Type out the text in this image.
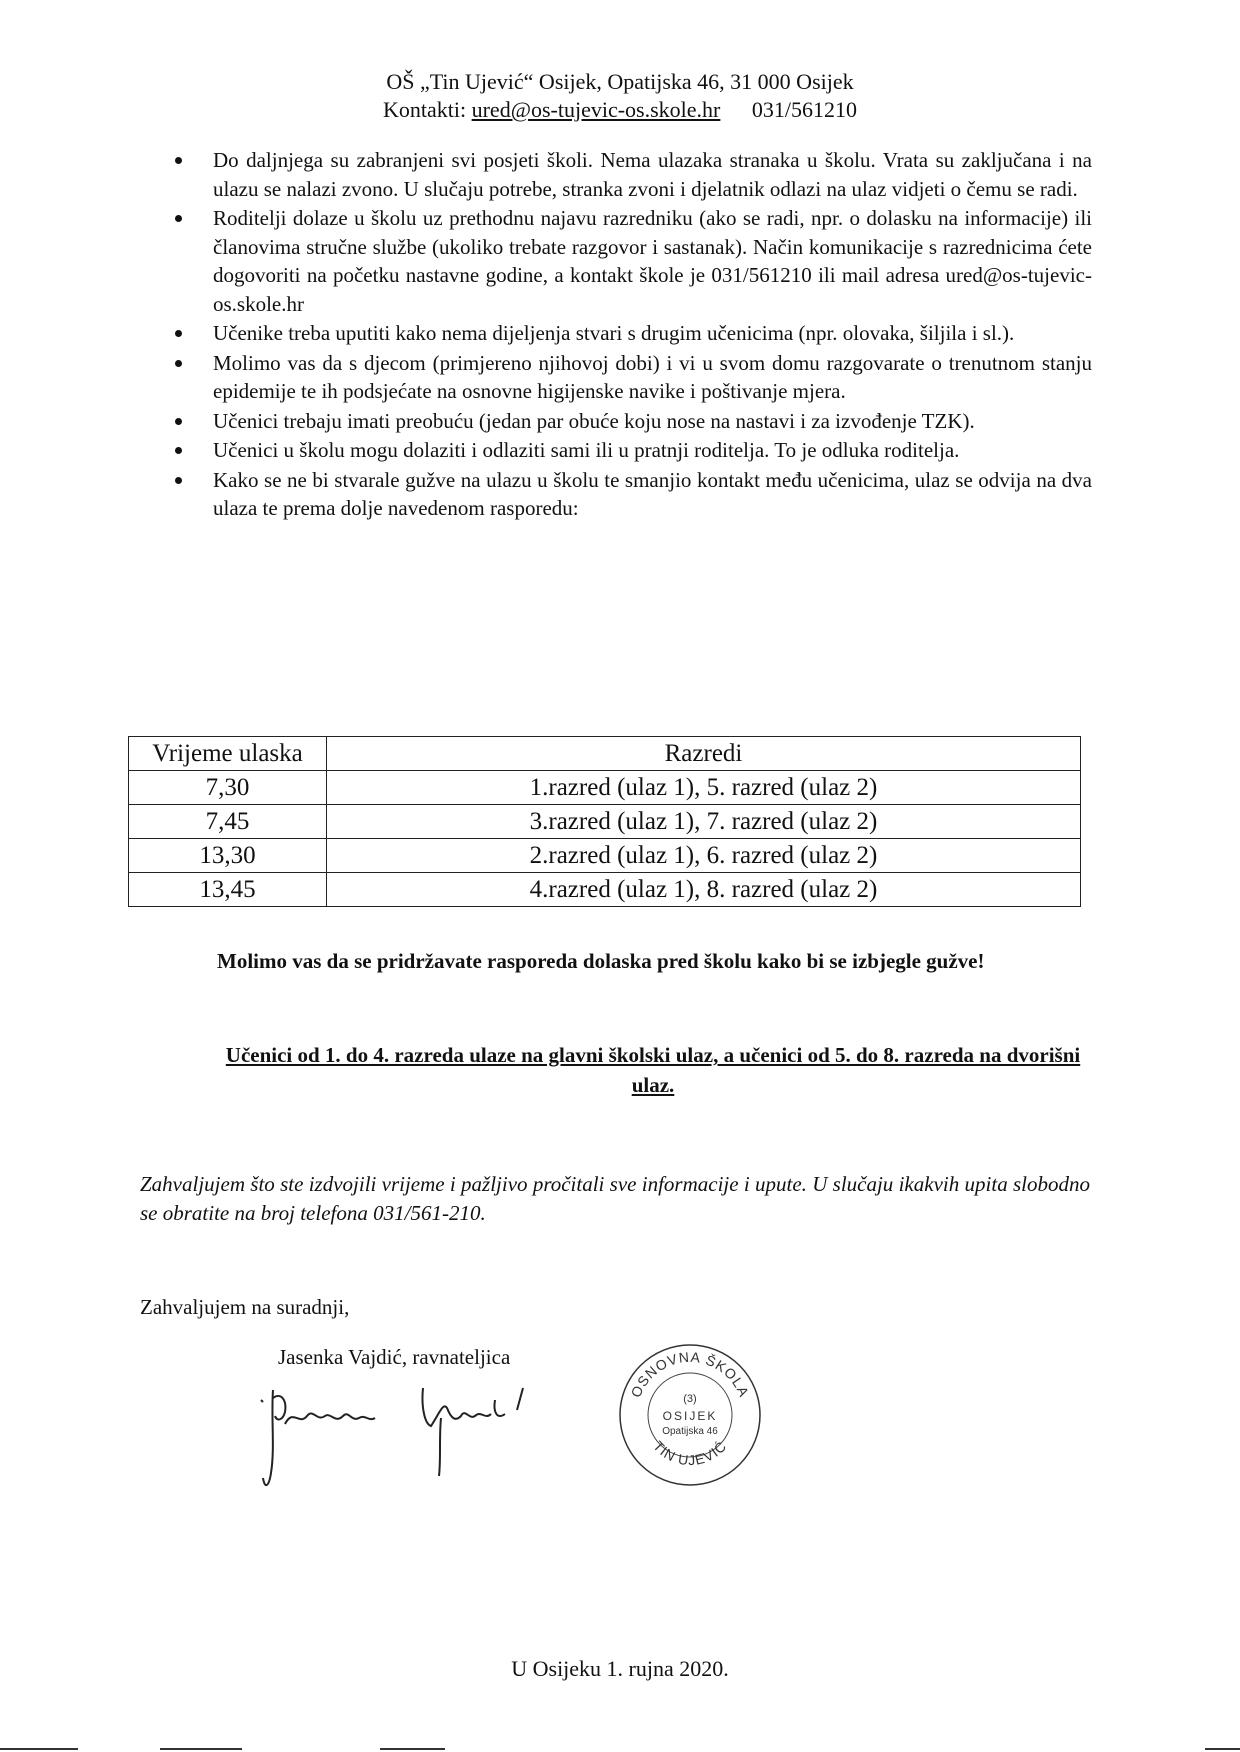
OŠ „Tin Ujević“ Osijek, Opatijska 46, 31 000 Osijek
Kontakti: ured@os-tujevic-os.skole.hr 031/561210
Do daljnjega su zabranjeni svi posjeti školi. Nema ulazaka stranaka u školu. Vrata su zaključana i na ulazu se nalazi zvono. U slučaju potrebe, stranka zvoni i djelatnik odlazi na ulaz vidjeti o čemu se radi.
Roditelji dolaze u školu uz prethodnu najavu razredniku (ako se radi, npr. o dolasku na informacije) ili članovima stručne službe (ukoliko trebate razgovor i sastanak). Način komunikacije s razrednicima ćete dogovoriti na početku nastavne godine, a kontakt škole je 031/561210 ili mail adresa ured@os-tujevic-os.skole.hr
Učenike treba uputiti kako nema dijeljenja stvari s drugim učenicima (npr. olovaka, šiljila i sl.).
Molimo vas da s djecom (primjereno njihovoj dobi) i vi u svom domu razgovarate o trenutnom stanju epidemije te ih podsjećate na osnovne higijenske navike i poštivanje mjera.
Učenici trebaju imati preobuću (jedan par obuće koju nose na nastavi i za izvođenje TZK).
Učenici u školu mogu dolaziti i odlaziti sami ili u pratnji roditelja. To je odluka roditelja.
Kako se ne bi stvarale gužve na ulazu u školu te smanjio kontakt među učenicima, ulaz se odvija na dva ulaza te prema dolje navedenom rasporedu:
Vrijeme ulaska	Razredi
7,30	1.razred (ulaz 1), 5. razred (ulaz 2)
7,45	3.razred (ulaz 1), 7. razred (ulaz 2)
13,30	2.razred (ulaz 1), 6. razred (ulaz 2)
13,45	4.razred (ulaz 1), 8. razred (ulaz 2)
Molimo vas da se pridržavate rasporeda dolaska pred školu kako bi se izbjegle gužve!
Učenici od 1. do 4. razreda ulaze na glavni školski ulaz, a učenici od 5. do 8. razreda na dvorišni ulaz.
Zahvaljujem što ste izdvojili vrijeme i pažljivo pročitali sve informacije i upute. U slučaju ikakvih upita slobodno se obratite na broj telefona 031/561-210.
Zahvaljujem na suradnji,
Jasenka Vajdić, ravnateljica
OSNOVNA ŠKOLA
TIN UJEVIĆ
(3)
OSIJEK
Opatijska 46
U Osijeku 1. rujna 2020.
